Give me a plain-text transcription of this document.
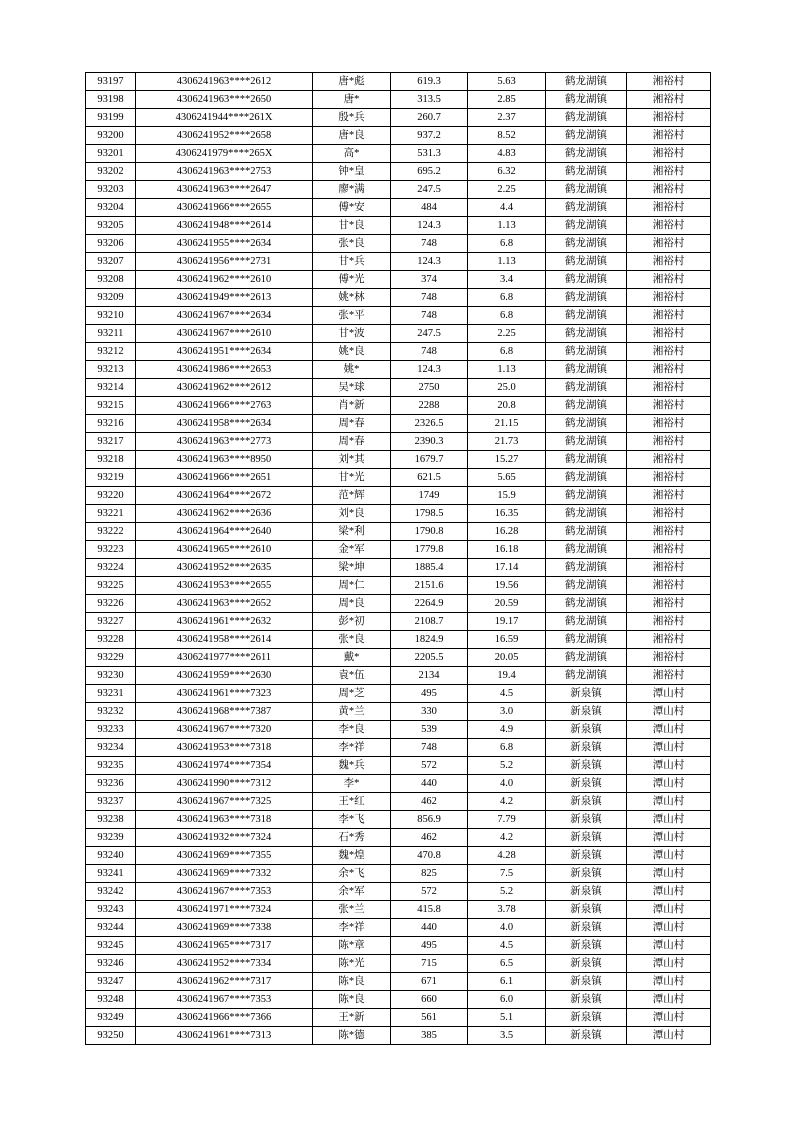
93197	4306241963****2612	唐*彪	619.3	5.63	鹤龙湖镇	湘裕村
93198	4306241963****2650	唐*	313.5	2.85	鹤龙湖镇	湘裕村
93199	4306241944****261X	殷*兵	260.7	2.37	鹤龙湖镇	湘裕村
93200	4306241952****2658	唐*良	937.2	8.52	鹤龙湖镇	湘裕村
93201	4306241979****265X	高*	531.3	4.83	鹤龙湖镇	湘裕村
93202	4306241963****2753	钟*皇	695.2	6.32	鹤龙湖镇	湘裕村
93203	4306241963****2647	廖*满	247.5	2.25	鹤龙湖镇	湘裕村
93204	4306241966****2655	傅*安	484	4.4	鹤龙湖镇	湘裕村
93205	4306241948****2614	甘*良	124.3	1.13	鹤龙湖镇	湘裕村
93206	4306241955****2634	张*良	748	6.8	鹤龙湖镇	湘裕村
93207	4306241956****2731	甘*兵	124.3	1.13	鹤龙湖镇	湘裕村
93208	4306241962****2610	傅*光	374	3.4	鹤龙湖镇	湘裕村
93209	4306241949****2613	姚*林	748	6.8	鹤龙湖镇	湘裕村
93210	4306241967****2634	张*平	748	6.8	鹤龙湖镇	湘裕村
93211	4306241967****2610	甘*波	247.5	2.25	鹤龙湖镇	湘裕村
93212	4306241951****2634	姚*良	748	6.8	鹤龙湖镇	湘裕村
93213	4306241986****2653	姚*	124.3	1.13	鹤龙湖镇	湘裕村
93214	4306241962****2612	吴*球	2750	25.0	鹤龙湖镇	湘裕村
93215	4306241966****2763	肖*新	2288	20.8	鹤龙湖镇	湘裕村
93216	4306241958****2634	周*春	2326.5	21.15	鹤龙湖镇	湘裕村
93217	4306241963****2773	周*春	2390.3	21.73	鹤龙湖镇	湘裕村
93218	4306241963****8950	刘*其	1679.7	15.27	鹤龙湖镇	湘裕村
93219	4306241966****2651	甘*光	621.5	5.65	鹤龙湖镇	湘裕村
93220	4306241964****2672	范*辉	1749	15.9	鹤龙湖镇	湘裕村
93221	4306241962****2636	刘*良	1798.5	16.35	鹤龙湖镇	湘裕村
93222	4306241964****2640	梁*利	1790.8	16.28	鹤龙湖镇	湘裕村
93223	4306241965****2610	金*军	1779.8	16.18	鹤龙湖镇	湘裕村
93224	4306241952****2635	梁*坤	1885.4	17.14	鹤龙湖镇	湘裕村
93225	4306241953****2655	周*仁	2151.6	19.56	鹤龙湖镇	湘裕村
93226	4306241963****2652	周*良	2264.9	20.59	鹤龙湖镇	湘裕村
93227	4306241961****2632	彭*初	2108.7	19.17	鹤龙湖镇	湘裕村
93228	4306241958****2614	张*良	1824.9	16.59	鹤龙湖镇	湘裕村
93229	4306241977****2611	戴*	2205.5	20.05	鹤龙湖镇	湘裕村
93230	4306241959****2630	袁*伍	2134	19.4	鹤龙湖镇	湘裕村
93231	4306241961****7323	周*芝	495	4.5	新泉镇	潭山村
93232	4306241968****7387	黄*兰	330	3.0	新泉镇	潭山村
93233	4306241967****7320	李*良	539	4.9	新泉镇	潭山村
93234	4306241953****7318	李*祥	748	6.8	新泉镇	潭山村
93235	4306241974****7354	魏*兵	572	5.2	新泉镇	潭山村
93236	4306241990****7312	李*	440	4.0	新泉镇	潭山村
93237	4306241967****7325	王*红	462	4.2	新泉镇	潭山村
93238	4306241963****7318	李*飞	856.9	7.79	新泉镇	潭山村
93239	4306241932****7324	石*秀	462	4.2	新泉镇	潭山村
93240	4306241969****7355	魏*煌	470.8	4.28	新泉镇	潭山村
93241	4306241969****7332	余*飞	825	7.5	新泉镇	潭山村
93242	4306241967****7353	余*军	572	5.2	新泉镇	潭山村
93243	4306241971****7324	张*兰	415.8	3.78	新泉镇	潭山村
93244	4306241969****7338	李*祥	440	4.0	新泉镇	潭山村
93245	4306241965****7317	陈*章	495	4.5	新泉镇	潭山村
93246	4306241952****7334	陈*光	715	6.5	新泉镇	潭山村
93247	4306241962****7317	陈*良	671	6.1	新泉镇	潭山村
93248	4306241967****7353	陈*良	660	6.0	新泉镇	潭山村
93249	4306241966****7366	王*新	561	5.1	新泉镇	潭山村
93250	4306241961****7313	陈*德	385	3.5	新泉镇	潭山村
